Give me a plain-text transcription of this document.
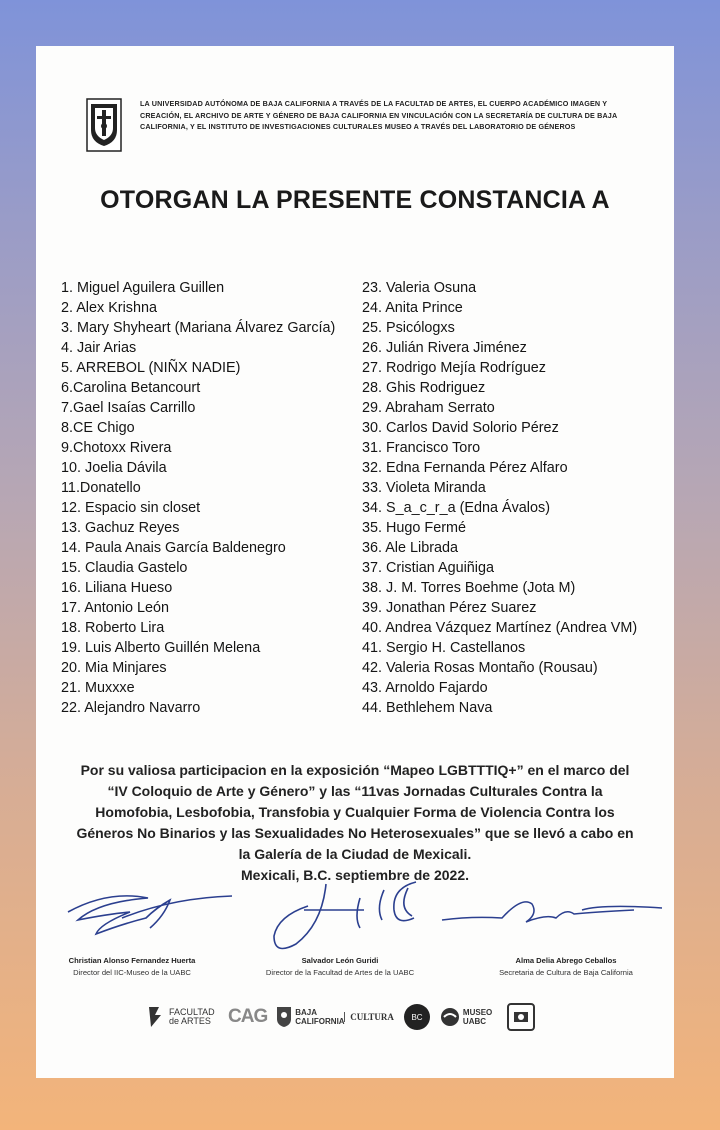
LA UNIVERSIDAD AUTÓNOMA DE BAJA CALIFORNIA A TRAVÉS DE LA FACULTAD DE ARTES, EL CUERPO ACADÉMICO IMAGEN Y CREACIÓN, EL ARCHIVO DE ARTE Y GÉNERO DE BAJA CALIFORNIA EN VINCULACIÓN CON LA SECRETARÍA DE CULTURA DE BAJA CALIFORNIA, Y EL INSTITUTO DE INVESTIGACIONES CULTURALES MUSEO A TRAVÉS DEL LABORATORIO DE GÉNEROS
OTORGAN LA PRESENTE CONSTANCIA A
1. Miguel Aguilera Guillen
2. Alex Krishna
3. Mary Shyheart (Mariana Álvarez García)
4. Jair Arias
5. ARREBOL (NIÑX NADIE)
6.Carolina Betancourt
7.Gael Isaías Carrillo
8.CE Chigo
9.Chotoxx Rivera
10. Joelia Dávila
11.Donatello
12. Espacio sin closet
13. Gachuz Reyes
14. Paula Anais García Baldenegro
15. Claudia Gastelo
16. Liliana Hueso
17. Antonio León
18. Roberto Lira
19. Luis Alberto Guillén Melena
20. Mia Minjares
21. Muxxxe
22. Alejandro Navarro
23. Valeria Osuna
24. Anita Prince
25. Psicólogxs
26. Julián Rivera Jiménez
27. Rodrigo Mejía Rodríguez
28. Ghis Rodriguez
29. Abraham Serrato
30. Carlos David Solorio Pérez
31. Francisco Toro
32. Edna Fernanda Pérez Alfaro
33. Violeta Miranda
34. S_a_c_r_a (Edna Ávalos)
35. Hugo Fermé
36. Ale Librada
37. Cristian Aguiñiga
38. J. M. Torres Boehme (Jota M)
39. Jonathan Pérez Suarez
40. Andrea Vázquez Martínez (Andrea VM)
41. Sergio H. Castellanos
42. Valeria Rosas Montaño (Rousau)
43. Arnoldo Fajardo
44. Bethlehem Nava
Por su valiosa participacion en la exposición “Mapeo LGBTTTIQ+” en el marco del “IV Coloquio de Arte y Género” y las “11vas Jornadas Culturales Contra la Homofobia, Lesbofobia, Transfobia y Cualquier Forma de Violencia Contra los Géneros No Binarios y las Sexualidades No Heterosexuales” que se llevó a cabo en la Galería de la Ciudad de Mexicali.
Mexicali, B.C. septiembre de 2022.
Christian Alonso Fernandez Huerta
Director del IIC-Museo de la UABC
Salvador León Guridi
Director de la Facultad de Artes de la UABC
Alma Delia Abrego Ceballos
Secretaria de Cultura de Baja California
FACULTAD de ARTES CAG	BAJA CALIFORNIA CULTURA BC
MUSEO UABC
